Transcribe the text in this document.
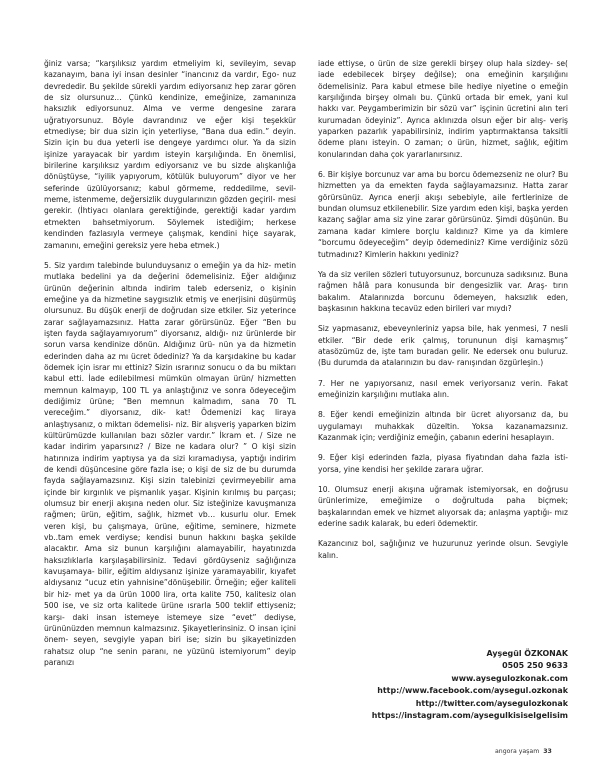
ğiniz varsa; “karşılıksız yardım etmeliyim ki, sevileyim, sevap kazanayım, bana iyi insan desinler “inancınız da vardır, Ego- nuz devrededir. Bu şekilde sürekli yardım ediyorsanız hep zarar gören de siz olursunuz… Çünkü kendinize, emeğinize, zamanınıza haksızlık ediyorsunuz. Alma ve verme dengesine zarara uğratıyorsunuz. Böyle davrandınız ve eğer kişi teşekkür etmediyse; bir dua sizin için yeterliyse, “Bana dua edin.” deyin. Sizin için bu dua yeterli ise dengeye yardımcı olur. Ya da sizin işinize yarayacak bir yardım isteyin karşılığında. En önemlisi, birilerine karşılıksız yardım ediyorsanız ve bu sizde alışkanlığa dönüştüyse, “iyilik yapıyorum, kötülük buluyorum” diyor ve her seferinde üzülüyorsanız; kabul görmeme, reddedilme, sevil- meme, istenmeme, değersizlik duygularınızın gözden geçiril- mesi gerekir. (İhtiyacı olanlara gerektiğinde, gerektiği kadar yardım etmekten bahsetmiyorum. Söylemek istediğim; herkese kendinden fazlasıyla vermeye çalışmak, kendini hiçe sayarak, zamanını, emeğini gereksiz yere heba etmek.)

5. Siz yardım talebinde bulunduysanız o emeğin ya da hiz- metin mutlaka bedelini ya da değerini ödemelisiniz. Eğer aldığınız ürünün değerinin altında indirim taleb ederseniz, o kişinin emeğine ya da hizmetine saygısızlık etmiş ve enerjisini düşürmüş olursunuz. Bu düşük enerji de doğrudan size etkiler. Siz yeterince zarar sağlayamazsınız. Hatta zarar görürsünüz. Eğer “Ben bu işten fayda sağlayamıyorum” diyorsanız, aldığı- nız ürünlerde bir sorun varsa kendinize dönün. Aldığınız ürü- nün ya da hizmetin ederinden daha az mı ücret ödediniz? Ya da karşıdakine bu kadar ödemek için israr mı ettiniz? Sizin ısrarınız sonucu o da bu miktarı kabul etti. İade edilebilmesi mümkün olmayan ürün/ hizmetten memnun kalmayıp, 100 TL ya anlaştığınız ve sonra ödeyeceğim dediğimiz ürüne; “Ben memnun kalmadım, sana 70 TL vereceğim.” diyorsanız, dik- kat! Ödemenizi kaç liraya anlaştıysanız, o miktarı ödemelisi- niz. Bir alışveriş yaparken bizim kültürümüzde kullanılan bazı sözler vardır.” İkram et. / Size ne kadar indirim yaparsınız? / Bize ne kadara olur? ” O kişi sizin hatırınıza indirim yaptıysa ya da sizi kıramadıysa, yaptığı indirim de kendi düşüncesine göre fazla ise; o kişi de siz de bu durumda fayda sağlayamazsınız. Kişi sizin talebinizi çevirmeyebilir ama içinde bir kırgınlık ve pişmanlık yaşar. Kişinin kırılmış bu parçası; olumsuz bir enerji akışına neden olur. Siz isteğinize kavuşmanıza rağmen; ürün, eğitim, sağlık, hizmet vb… kusurlu olur. Emek veren kişi, bu çalışmaya, ürüne, eğitime, seminere, hizmete vb..tam emek verdiyse; kendisi bunun hakkını başka şekilde alacaktır. Ama siz bunun karşılığını alamayabilir, hayatınızda haksızlıklarla karşılaşabilirsiniz. Tedavi gördüyseniz sağlığınıza kavuşamaya- bilir, eğitim aldıysanız işinize yaramayabilir, kıyafet aldıysanız “ucuz etin yahnisine”dönüşebilir. Örneğin; eğer kaliteli bir hiz- met ya da ürün 1000 lira, orta kalite 750, kalitesiz olan 500 ise, ve siz orta kalitede ürüne ısrarla 500 teklif ettiyseniz; karşı- daki insan istemeye istemeye size “evet” dediyse, ürününüzden memnun kalmazsınız. Şikayetlerinsiniz. O insan içini önem- seyen, sevgiyle yapan biri ise; sizin bu şikayetinizden rahatsız olup “ne senin paranı, ne yüzünü istemiyorum” deyip paranızı

iade ettiyse, o ürün de size gerekli birşey olup hala sizdey- se( iade edebilecek birşey değilse); ona emeğinin karşılığını ödemelisiniz. Para kabul etmese bile hediye niyetine o emeğin karşılığında birşey olmalı bu. Çünkü ortada bir emek, yani kul hakkı var. Peygamberimizin bir sözü var” işçinin ücretini alın teri kurumadan ödeyiniz”. Ayrıca aklınızda olsun eğer bir alış- veriş yaparken pazarlık yapabilirsiniz, indirim yaptırmaktansa taksitli ödeme planı isteyin. O zaman; o ürün, hizmet, sağlık, eğitim konularından daha çok yararlanırsınız.

6. Bir kişiye borcunuz var ama bu borcu ödemezseniz ne olur? Bu hizmetten ya da emekten fayda sağlayamazsınız. Hatta zarar görürsünüz. Ayrıca enerji akışı sebebiyle, aile fertlerinize de bundan olumsuz etkilenebilir. Size yardım eden kişi, başka yerden kazanç sağlar ama siz yine zarar görürsünüz. Şimdi düşünün. Bu zamana kadar kimlere borçlu kaldınız? Kime ya da kimlere “borcumu ödeyeceğim” deyip ödemediniz? Kime verdiğiniz sözü tutmadınız? Kimlerin hakkını yediniz?

Ya da siz verilen sözleri tutuyorsunuz, borcunuza sadıksınız. Buna rağmen hâlâ para konusunda bir dengesizlik var. Araş- tırın bakalım. Atalarınızda borcunu ödemeyen, haksızlık eden, başkasının hakkına tecavüz eden birileri var mıydı?

Siz yapmasanız, ebeveynleriniz yapsa bile, hak yenmesi, 7 nesli etkiler. “Bir dede erik çalmış, torununun dişi kamaşmış” atasözümüz de, işte tam buradan gelir. Ne edersek onu buluruz. (Bu durumda da atalarınızın bu dav- ranışından özgürleşin.)

7. Her ne yapıyorsanız, nasıl emek veriyorsanız verin. Fakat emeğinizin karşılığını mutlaka alın.

8. Eğer kendi emeğinizin altında bir ücret alıyorsanız da, bu uygulamayı muhakkak düzeltin. Yoksa kazanamazsınız. Kazanmak için; verdiğiniz emeğin, çabanın ederini hesaplayın.

9. Eğer kişi ederinden fazla, piyasa fiyatından daha fazla isti- yorsa, yine kendisi her şekilde zarara uğrar.

10. Olumsuz enerji akışına uğramak istemiyorsak, en doğrusu ürünlerimize, emeğimize o doğrultuda paha biçmek; başkalarından emek ve hizmet alıyorsak da; anlaşma yaptığı- mız ederine sadık kalarak, bu ederi ödemektir.

Kazancınız bol, sağlığınız ve huzurunuz yerinde olsun. Sevgiyle kalın.

Ayşegül ÖZKONAK
0505 250 9633
www.aysegulozkonak.com
http://www.facebook.com/aysegul.ozkonak
http://twitter.com/aysegulozkonak
https://instagram.com/aysegulkisiselgelisim
angora yaşam 33
